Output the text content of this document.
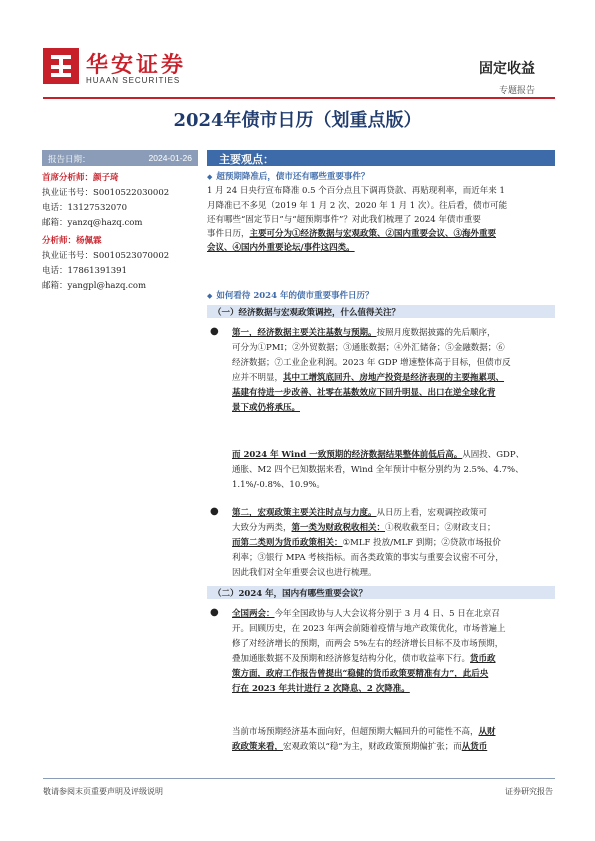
华安证券
HUAAN SECURITIES
固定收益
专题报告
2024年债市日历（划重点版）
报告日期：	2024-01-26
首席分析师：颜子琦
执业证书号：S0010522030002
电话：13127532070
邮箱：yanzq@hazq.com
分析师：杨佩霖
执业证书号：S0010523070002
电话：17861391391
邮箱：yangpl@hazq.com
主要观点：
◆ 超预期降准后，债市还有哪些重要事件？
1 月 24 日央行宣布降准 0.5 个百分点且下调再贷款、再贴现利率，而近年来 1
月降准已不多见（2019 年 1 月 2 次、2020 年 1 月 1 次）。往后看，债市可能
还有哪些“固定节日”与“超预期事件”？对此我们梳理了 2024 年债市重要
事件日历，主要可分为①经济数据与宏观政策、②国内重要会议、③海外重要
会议、④国内外重要论坛/事件这四类。
◆ 如何看待 2024 年的债市重要事件日历？
（一）经济数据与宏观政策调控，什么值得关注？
● 第一，经济数据主要关注基数与预期。按照月度数据披露的先后顺序，
可分为①PMI；②外贸数据；③通胀数据；④外汇储备；⑤金融数据；⑥
经济数据；⑦工业企业利润。2023 年 GDP 增速整体高于目标，但债市反
应并不明显，其中工增筑底回升、房地产投资是经济表现的主要拖累项、
基建有待进一步改善、社零在基数效应下回升明显、出口在逆全球化背
景下或仍将承压。
而 2024 年 Wind 一致预期的经济数据结果整体前低后高。从固投、GDP、
通胀、M2 四个已知数据来看，Wind 全年预计中枢分别约为 2.5%、4.7%、
1.1%/-0.8%、10.9%。
● 第二，宏观政策主要关注时点与力度。从日历上看，宏观调控政策可
大致分为两类，第一类为财政税收相关：①税收截至日；②财政支日；
而第二类则为货币政策相关：①MLF 投放/MLF 到期；②贷款市场报价
利率；③银行 MPA 考核指标。而各类政策的事实与重要会议密不可分，
因此我们对全年重要会议也进行梳理。
（二）2024 年，国内有哪些重要会议？
● 全国两会：今年全国政协与人大会议将分别于 3 月 4 日、5 日在北京召
开。回顾历史，在 2023 年两会前随着疫情与地产政策优化，市场普遍上
修了对经济增长的预期，而两会 5%左右的经济增长目标不及市场预期，
叠加通胀数据不及预期和经济修复结构分化，债市收益率下行。货币政
策方面，政府工作报告曾提出“稳健的货币政策要精准有力”，此后央
行在 2023 年共计进行 2 次降息、2 次降准。
当前市场预期经济基本面向好，但超预期大幅回升的可能性不高，从财
政政策来看，宏观政策以“稳”为主，财政政策预期偏扩张；而从货币
敬请参阅末页重要声明及评级说明	证券研究报告
